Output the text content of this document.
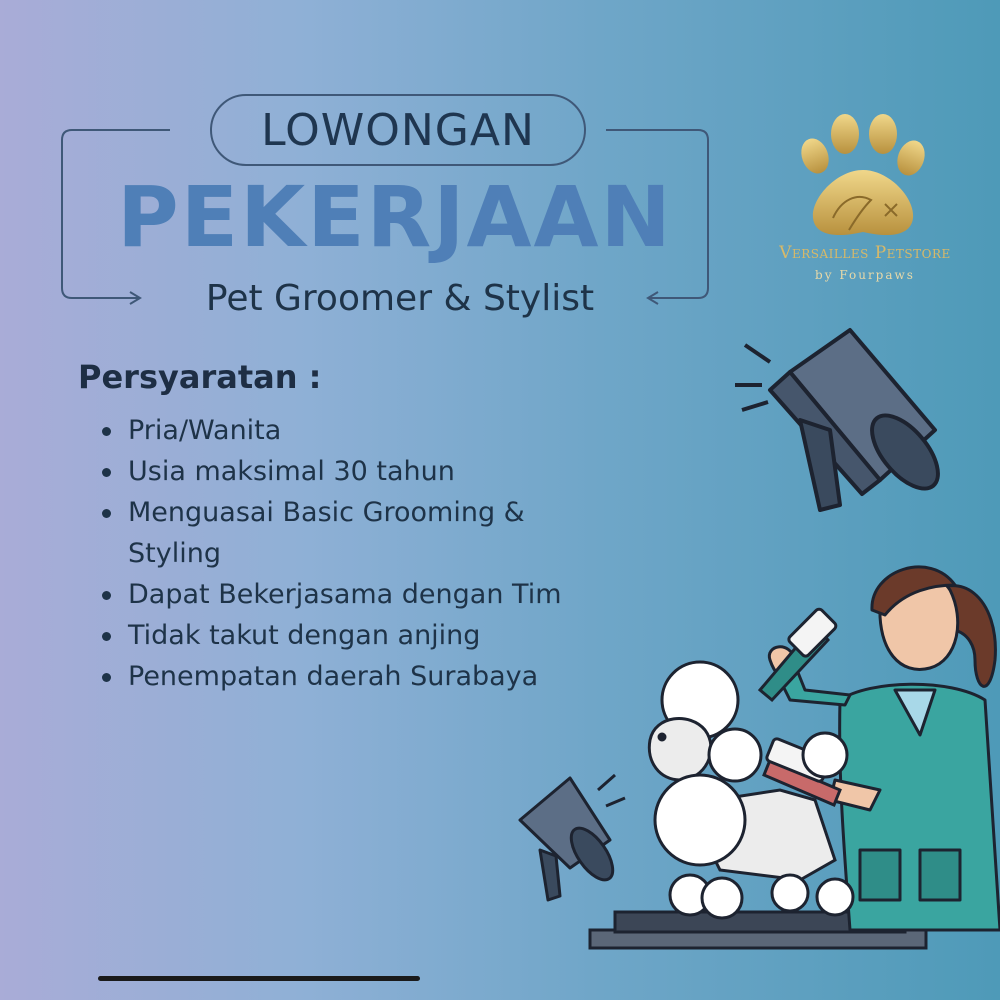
LOWONGAN
PEKERJAAN
Pet Groomer & Stylist
Persyaratan :
Pria/Wanita
Usia maksimal 30 tahun
Menguasai Basic Grooming & Styling
Dapat Bekerjasama dengan Tim
Tidak takut dengan anjing
Penempatan daerah Surabaya
Versailles Petstore
by Fourpaws
